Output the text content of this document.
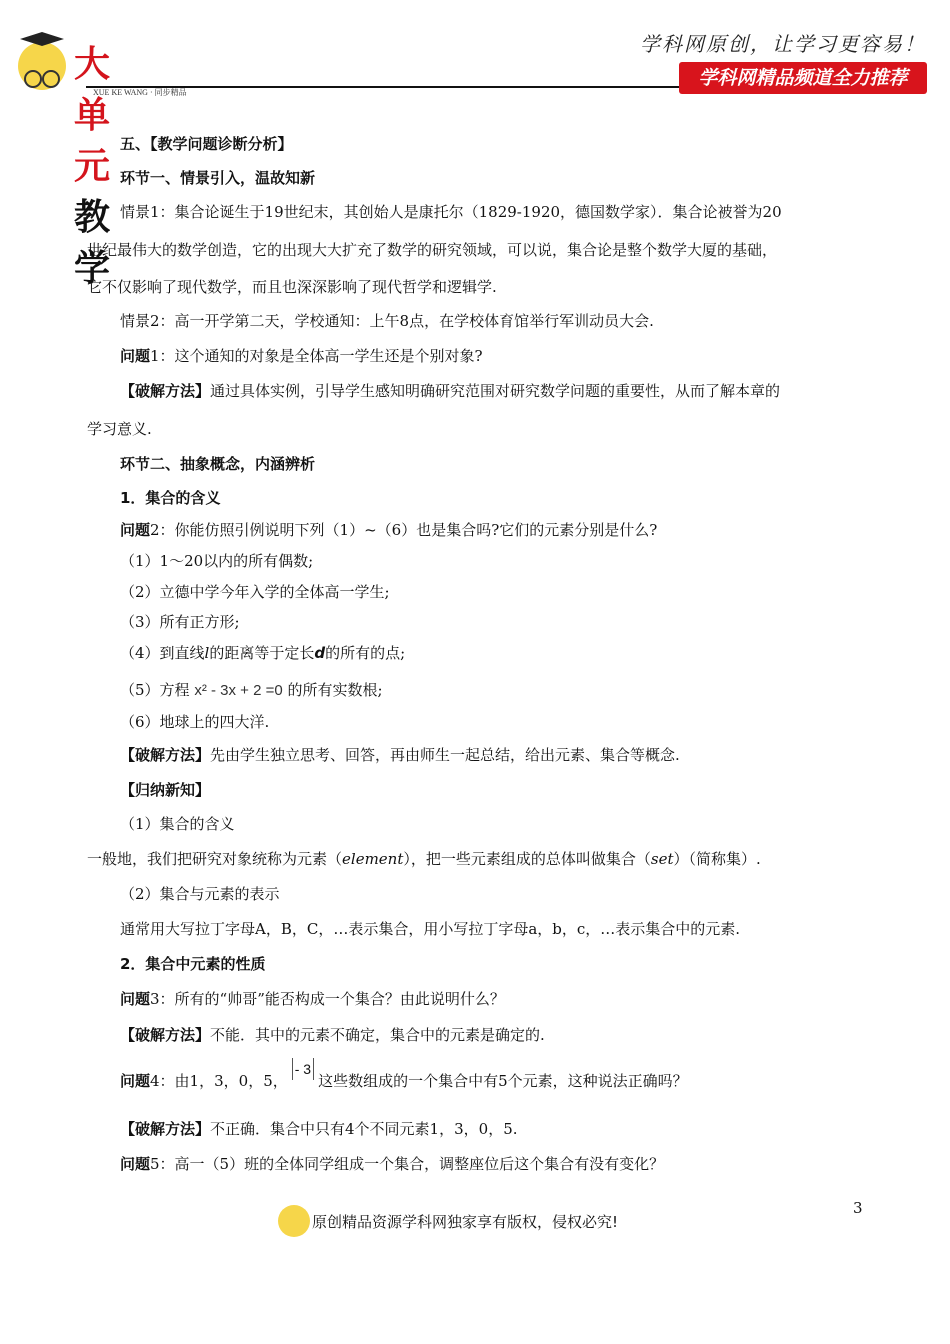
大单元教学
XUE KE WANG · 同步精品
学科网原创，让学习更容易！
学科网精品频道全力推荐
五、【教学问题诊断分析】
环节一、情景引入，温故知新
情景1：集合论诞生于19世纪末，其创始人是康托尔（1829-1920，德国数学家）．集合论被誉为20
世纪最伟大的数学创造，它的出现大大扩充了数学的研究领域，可以说，集合论是整个数学大厦的基础，
它不仅影响了现代数学，而且也深深影响了现代哲学和逻辑学.
情景2：高一开学第二天，学校通知：上午8点，在学校体育馆举行军训动员大会.
问题1：这个通知的对象是全体高一学生还是个别对象?
【破解方法】通过具体实例，引导学生感知明确研究范围对研究数学问题的重要性，从而了解本章的
学习意义.
环节二、抽象概念，内涵辨析
1．集合的含义
问题2：你能仿照引例说明下列（1）~（6）也是集合吗?它们的元素分别是什么?
（1）1～20以内的所有偶数;
（2）立德中学今年入学的全体高一学生;
（3）所有正方形;
（4）到直线l的距离等于定长d的所有的点;
（5）方程 x² - 3x + 2 =0 的所有实数根;
（6）地球上的四大洋.
【破解方法】先由学生独立思考、回答，再由师生一起总结，给出元素、集合等概念.
【归纳新知】
（1）集合的含义
一般地，我们把研究对象统称为元素（element），把一些元素组成的总体叫做集合（set）（简称集）.
（2）集合与元素的表示
通常用大写拉丁字母A，B，C，…表示集合，用小写拉丁字母a，b，c，…表示集合中的元素.
2．集合中元素的性质
问题3：所有的“帅哥”能否构成一个集合？由此说明什么？
【破解方法】不能．其中的元素不确定，集合中的元素是确定的.
问题4：由1，3，0，5，- 3这些数组成的一个集合中有5个元素，这种说法正确吗？
【破解方法】不正确．集合中只有4个不同元素1，3，0，5.
问题5：高一（5）班的全体同学组成一个集合，调整座位后这个集合有没有变化？
3
原创精品资源学科网独家享有版权，侵权必究!
